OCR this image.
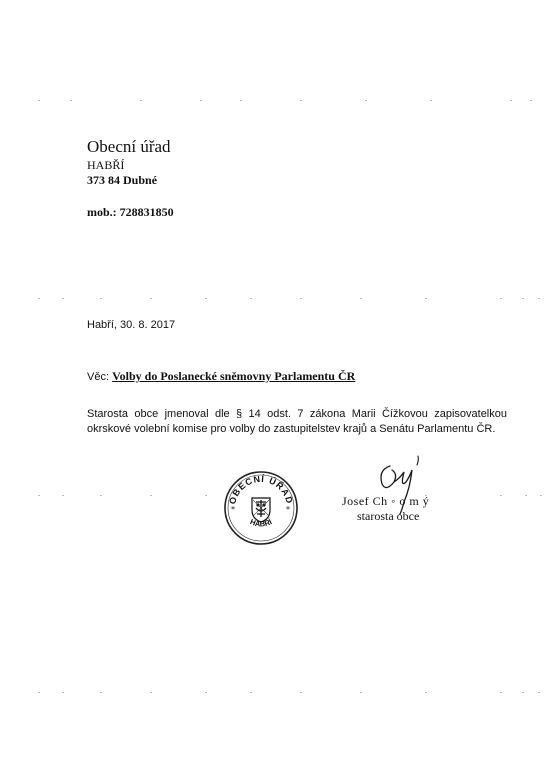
Obecní úřad
HABŘÍ
373 84 Dubné
mob.: 728831850
Habří, 30. 8. 2017
Věc: Volby do Poslanecké sněmovny Parlamentu ČR
Starosta obce jmenoval dle § 14 odst. 7 zákona Marii Čížkovou zapisovatelkou okrskové volební komise pro volby do zastupitelstev krajů a Senátu Parlamentu ČR.
OBECNÍ ÚŘAD
HABŘÍ
*	*
Josef Ch ◦ o m ý
starosta obce
